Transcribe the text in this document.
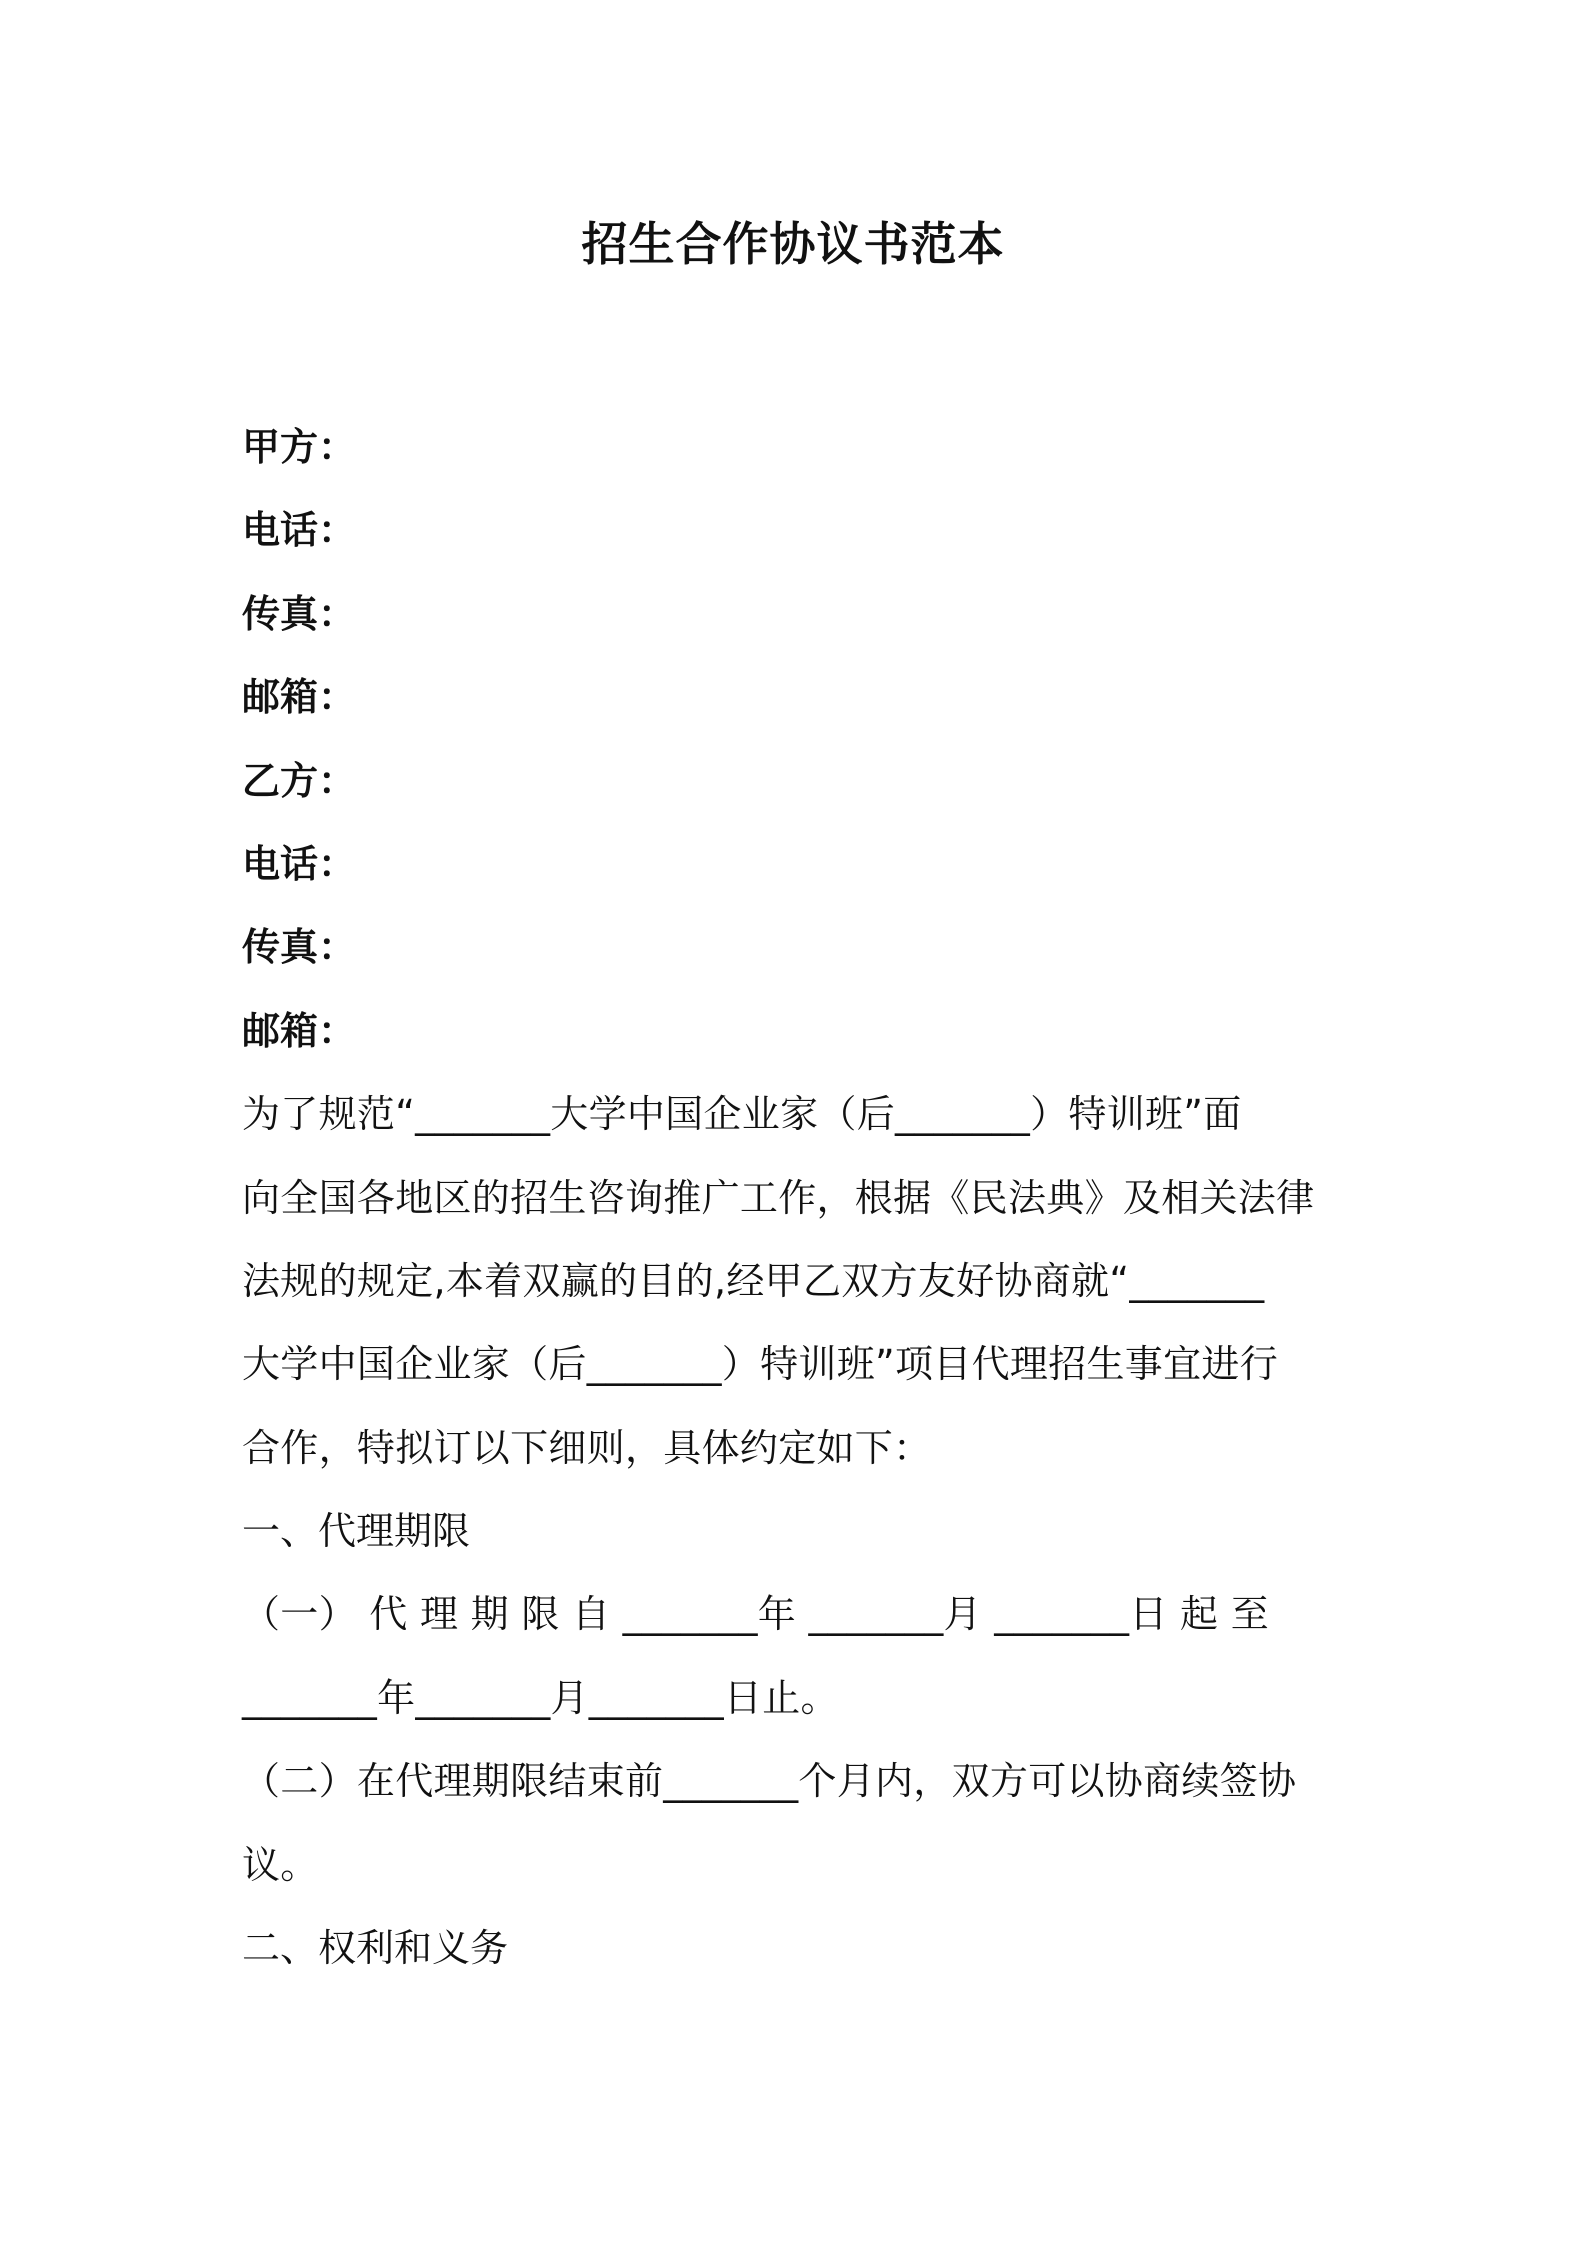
招生合作协议书范本
甲方：
电话：
传真：
邮箱：
乙方：
电话：
传真：
邮箱：
为了规范“_______大学中国企业家（后_______）特训班”面
向全国各地区的招生咨询推广工作，根据《民法典》及相关法律
法规的规定,本着双赢的目的,经甲乙双方友好协商就“_______
大学中国企业家（后_______）特训班”项目代理招生事宜进行
合作，特拟订以下细则，具体约定如下：
一、代理期限
（一） 代 理 期 限 自 _______年 _______月 _______日 起 至
_______年_______月_______日止。
（二）在代理期限结束前_______个月内，双方可以协商续签协
议。
二、权利和义务
